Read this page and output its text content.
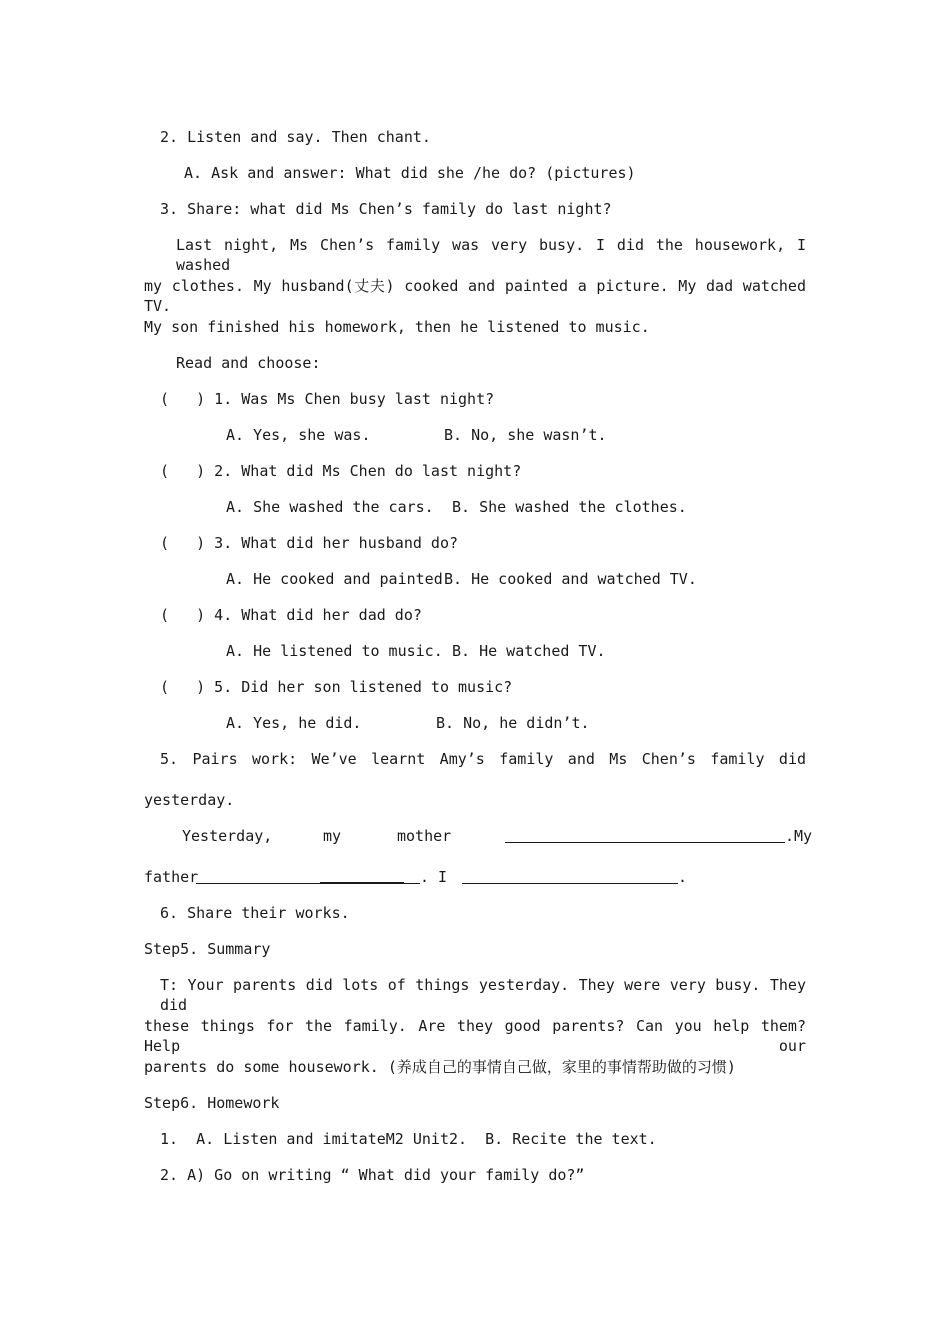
2. Listen and say. Then chant.
A. Ask and answer: What did she /he do? (pictures)
3. Share: what did Ms Chen’s family do last night?
Last night, Ms Chen’s family was very busy. I did the housework, I washed
my clothes. My husband(丈夫) cooked and painted a picture. My dad watched TV.
My son finished his homework, then he listened to music.
Read and choose:
(   ) 1. Was Ms Chen busy last night?
A. Yes, she was.	B. No, she wasn’t.
(   ) 2. What did Ms Chen do last night?
A. She washed the cars. B. She washed the clothes.
(   ) 3. What did her husband do?
A. He cooked and painted B. He cooked and watched TV.
(   ) 4. What did her dad do?
A. He listened to music. B. He watched TV.
(   ) 5. Did her son listened to music?
A. Yes, he did.	B. No, he didn’t.
5. Pairs work: We’ve learnt Amy’s family and Ms Chen’s family did
yesterday.
Yesterday,	my	mother	.My
father	. I	.
6. Share their works.
Step5. Summary
T: Your parents did lots of things yesterday. They were very busy. They did
these things for the family. Are they good parents? Can you help them? Help our
parents do some housework. (养成自己的事情自己做，家里的事情帮助做的习惯)
Step6. Homework
1.  A. Listen and imitateM2 Unit2.  B. Recite the text.
2. A) Go on writing “ What did your family do?”
